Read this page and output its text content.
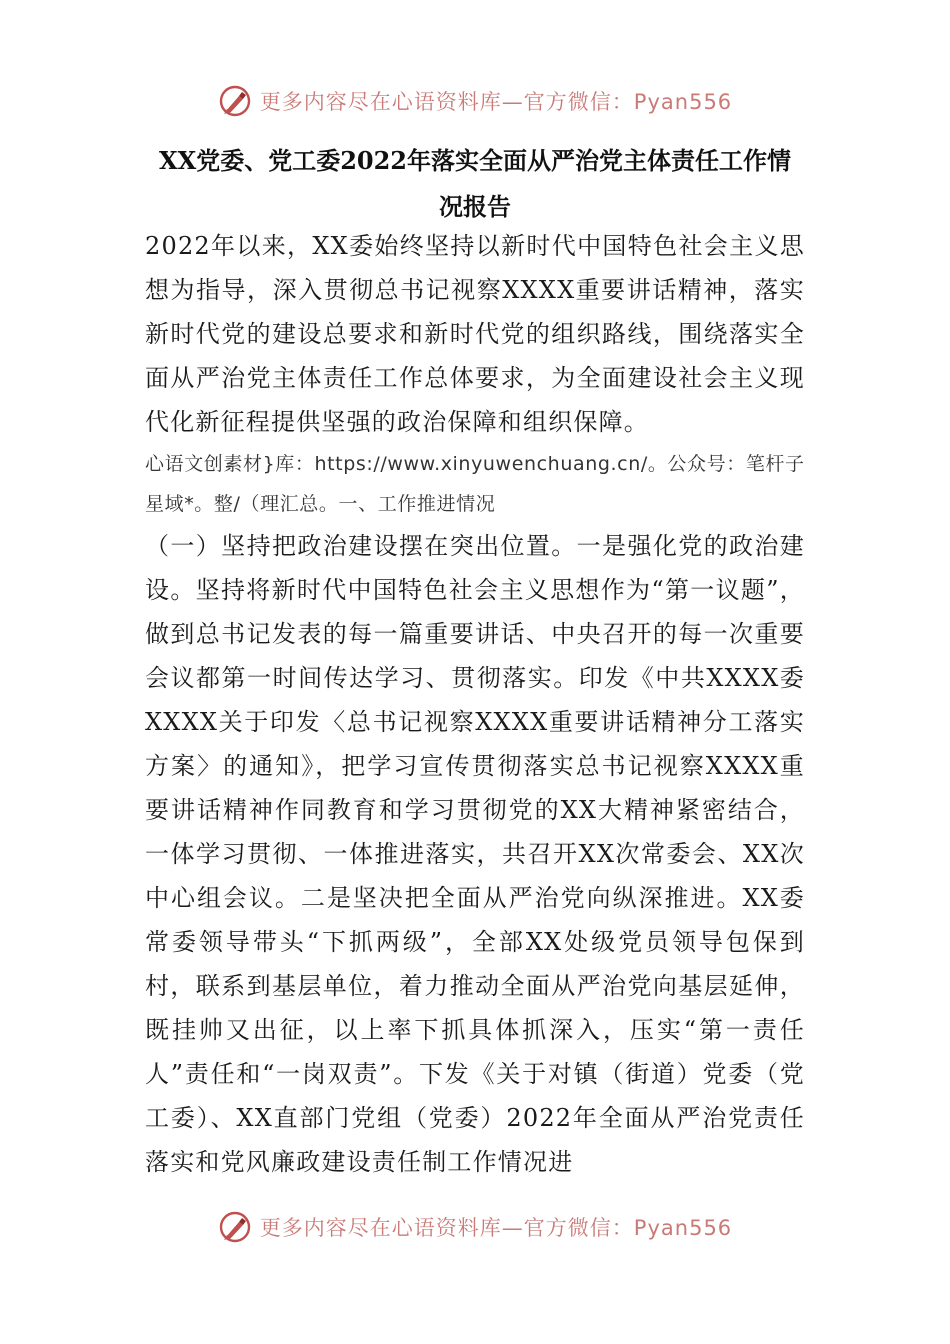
更多内容尽在心语资料库—官方微信：Pyan556
XX党委、党工委2022年落实全面从严治党主体责任工作情
况报告

2022年以来，XX委始终坚持以新时代中国特色社会主义思想为指导，深入贯彻总书记视察XXXX重要讲话精神，落实新时代党的建设总要求和新时代党的组织路线，围绕落实全面从严治党主体责任工作总体要求，为全面建设社会主义现代化新征程提供坚强的政治保障和组织保障。

心语文创素材}库：https://www.xinyuwenchuang.cn/。公众号：笔杆子星域*。整/（理汇总。一、工作推进情况

（一）坚持把政治建设摆在突出位置。一是强化党的政治建设。坚持将新时代中国特色社会主义思想作为“第一议题”，做到总书记发表的每一篇重要讲话、中央召开的每一次重要会议都第一时间传达学习、贯彻落实。印发《中共XXXX委XXXX关于印发〈总书记视察XXXX重要讲话精神分工落实方案〉的通知》，把学习宣传贯彻落实总书记视察XXXX重要讲话精神作同教育和学习贯彻党的XX大精神紧密结合，一体学习贯彻、一体推进落实，共召开XX次常委会、XX次中心组会议。二是坚决把全面从严治党向纵深推进。XX委常委领导带头“下抓两级”，全部XX处级党员领导包保到村，联系到基层单位，着力推动全面从严治党向基层延伸，既挂帅又出征，以上率下抓具体抓深入，压实“第一责任人”责任和“一岗双责”。下发《关于对镇（街道）党委（党工委）、XX直部门党组（党委）2022年全面从严治党责任落实和党风廉政建设责任制工作情况进

更多内容尽在心语资料库—官方微信：Pyan556
